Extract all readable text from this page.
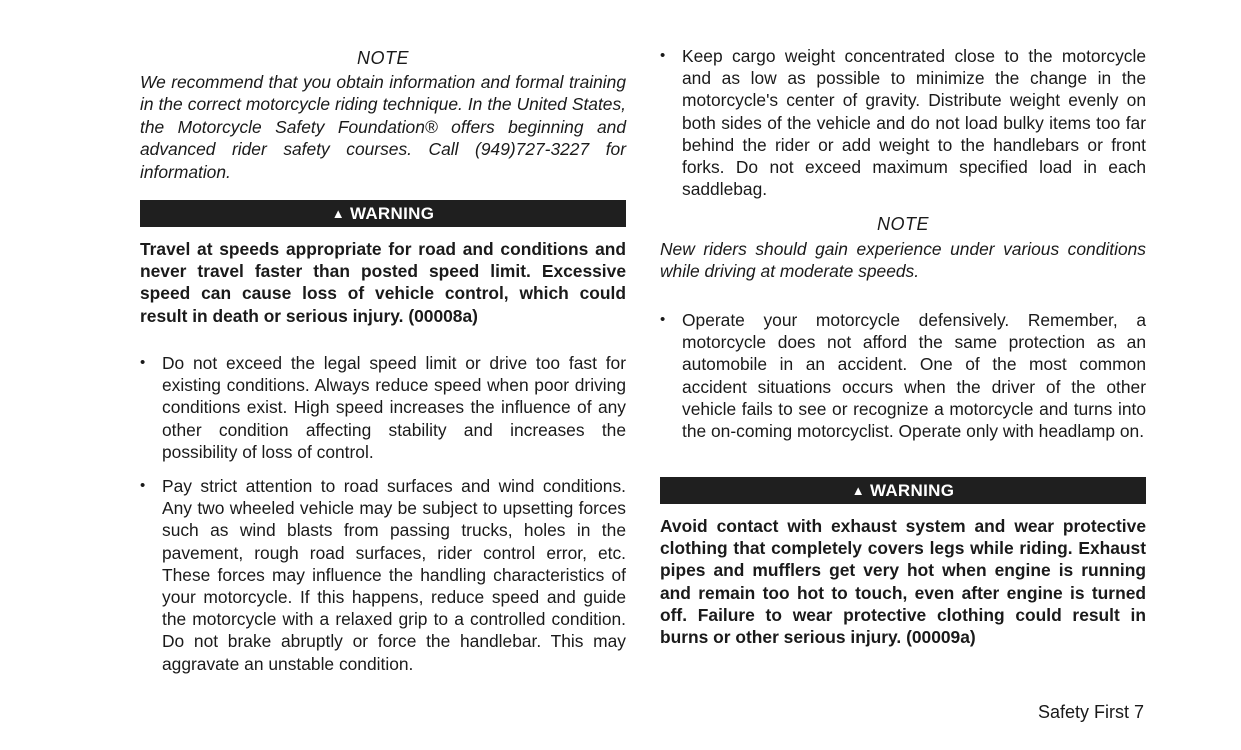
NOTE
We recommend that you obtain information and formal training in the correct motorcycle riding technique. In the United States, the Motorcycle Safety Foundation® offers beginning and advanced rider safety courses. Call (949)727-3227 for information.
▲ WARNING
Travel at speeds appropriate for road and conditions and never travel faster than posted speed limit. Excessive speed can cause loss of vehicle control, which could result in death or serious injury. (00008a)
• Do not exceed the legal speed limit or drive too fast for existing conditions. Always reduce speed when poor driving conditions exist. High speed increases the influence of any other condition affecting stability and increases the possibility of loss of control.
• Pay strict attention to road surfaces and wind conditions. Any two wheeled vehicle may be subject to upsetting forces such as wind blasts from passing trucks, holes in the pavement, rough road surfaces, rider control error, etc. These forces may influence the handling characteristics of your motorcycle. If this happens, reduce speed and guide the motorcycle with a relaxed grip to a controlled condition. Do not brake abruptly or force the handlebar. This may aggravate an unstable condition.
• Keep cargo weight concentrated close to the motorcycle and as low as possible to minimize the change in the motorcycle's center of gravity. Distribute weight evenly on both sides of the vehicle and do not load bulky items too far behind the rider or add weight to the handlebars or front forks. Do not exceed maximum specified load in each saddlebag.
NOTE
New riders should gain experience under various conditions while driving at moderate speeds.
• Operate your motorcycle defensively. Remember, a motorcycle does not afford the same protection as an automobile in an accident. One of the most common accident situations occurs when the driver of the other vehicle fails to see or recognize a motorcycle and turns into the on-coming motorcyclist. Operate only with headlamp on.
▲ WARNING
Avoid contact with exhaust system and wear protective clothing that completely covers legs while riding. Exhaust pipes and mufflers get very hot when engine is running and remain too hot to touch, even after engine is turned off. Failure to wear protective clothing could result in burns or other serious injury. (00009a)
Safety First 7
